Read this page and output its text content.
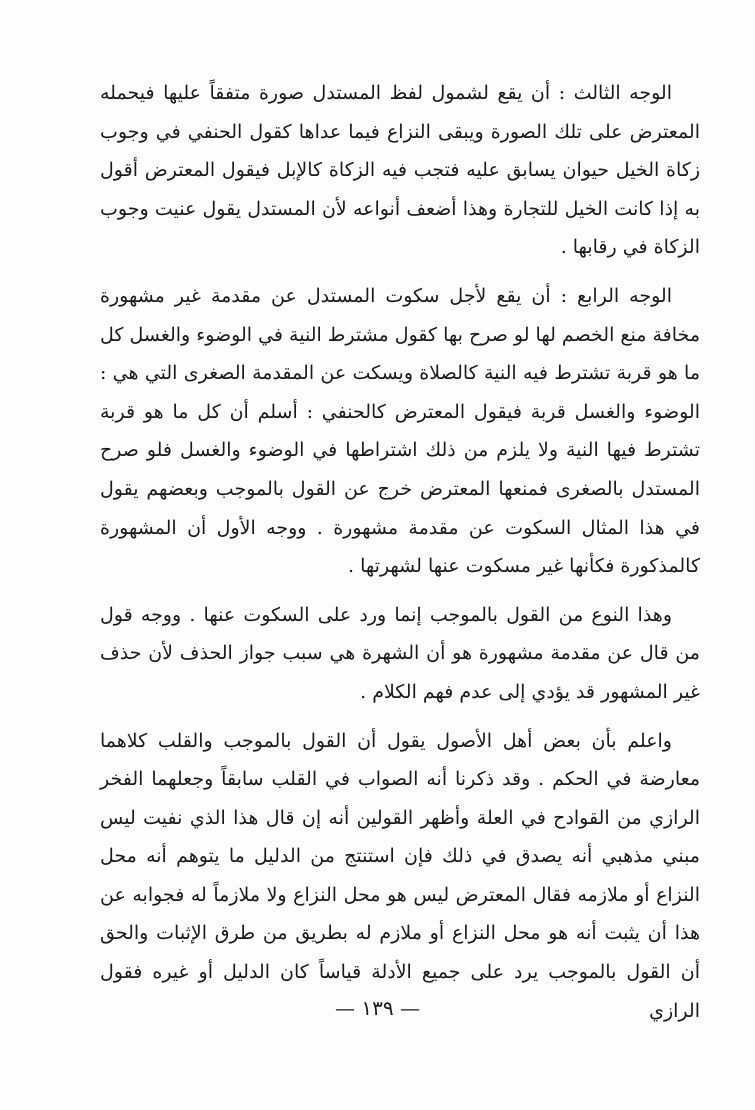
الوجه الثالث : أن يقع لشمول لفظ المستدل صورة متفقاً عليها فيحمله المعترض على تلك الصورة ويبقى النزاع فيما عداها كقول الحنفي في وجوب زكاة الخيل حيوان يسابق عليه فتجب فيه الزكاة كالإبل فيقول المعترض أقول به إذا كانت الخيل للتجارة وهذا أضعف أنواعه لأن المستدل يقول عنيت وجوب الزكاة في رقابها .

الوجه الرابع : أن يقع لأجل سكوت المستدل عن مقدمة غير مشهورة مخافة منع الخصم لها لو صرح بها كقول مشترط النية في الوضوء والغسل كل ما هو قربة تشترط فيه النية كالصلاة ويسكت عن المقدمة الصغرى التي هي : الوضوء والغسل قربة فيقول المعترض كالحنفي : أسلم أن كل ما هو قربة تشترط فيها النية ولا يلزم من ذلك اشتراطها في الوضوء والغسل فلو صرح المستدل بالصغرى فمنعها المعترض خرج عن القول بالموجب وبعضهم يقول في هذا المثال السكوت عن مقدمة مشهورة . ووجه الأول أن المشهورة كالمذكورة فكأنها غير مسكوت عنها لشهرتها .

وهذا النوع من القول بالموجب إنما ورد على السكوت عنها . ووجه قول من قال عن مقدمة مشهورة هو أن الشهرة هي سبب جواز الحذف لأن حذف غير المشهور قد يؤدي إلى عدم فهم الكلام .

واعلم بأن بعض أهل الأصول يقول أن القول بالموجب والقلب كلاهما معارضة في الحكم . وقد ذكرنا أنه الصواب في القلب سابقاً وجعلهما الفخر الرازي من القوادح في العلة وأظهر القولين أنه إن قال هذا الذي نفيت ليس مبني مذهبي أنه يصدق في ذلك فإن استنتج من الدليل ما يتوهم أنه محل النزاع أو ملازمه فقال المعترض ليس هو محل النزاع ولا ملازماً له فجوابه عن هذا أن يثبت أنه هو محل النزاع أو ملازم له بطريق من طرق الإثبات والحق أن القول بالموجب يرد على جميع الأدلة قياساً كان الدليل أو غيره فقول الرازي

— ١٣٩ —
